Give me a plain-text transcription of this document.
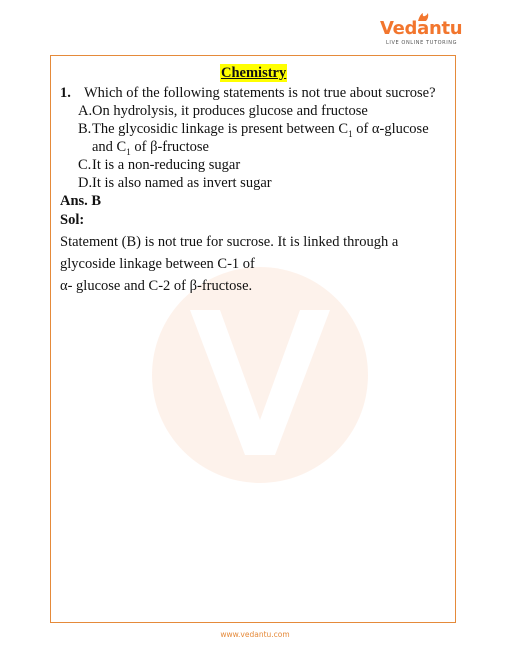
Vedantu
LIVE ONLINE TUTORING
Chemistry
1. Which of the following statements is not true about sucrose?
A.On hydrolysis, it produces glucose and fructose
B.The glycosidic linkage is present between $C_1$ of α-glucose
and $C_1$ of β-fructose
C.It is a non-reducing sugar
D.It is also named as invert sugar
Ans. B
Sol:
Statement (B) is not true for sucrose. It is linked through a
glycoside linkage between C-1 of
α- glucose and C-2 of β-fructose.
www.vedantu.com
